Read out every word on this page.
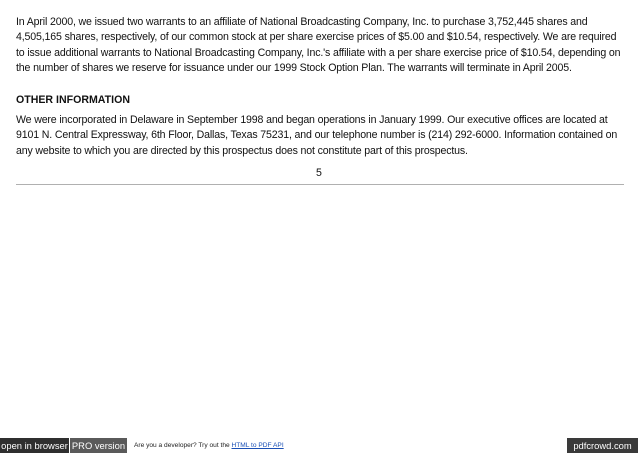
In April 2000, we issued two warrants to an affiliate of National Broadcasting Company, Inc. to purchase 3,752,445 shares and 4,505,165 shares, respectively, of our common stock at per share exercise prices of $5.00 and $10.54, respectively. We are required to issue additional warrants to National Broadcasting Company, Inc.'s affiliate with a per share exercise price of $10.54, depending on the number of shares we reserve for issuance under our 1999 Stock Option Plan. The warrants will terminate in April 2005.

OTHER INFORMATION

We were incorporated in Delaware in September 1998 and began operations in January 1999. Our executive offices are located at 9101 N. Central Expressway, 6th Floor, Dallas, Texas 75231, and our telephone number is (214) 292-6000. Information contained on any website to which you are directed by this prospectus does not constitute part of this prospectus.

5
open in browser PRO version Are you a developer? Try out the HTML to PDF API	pdfcrowd.com
